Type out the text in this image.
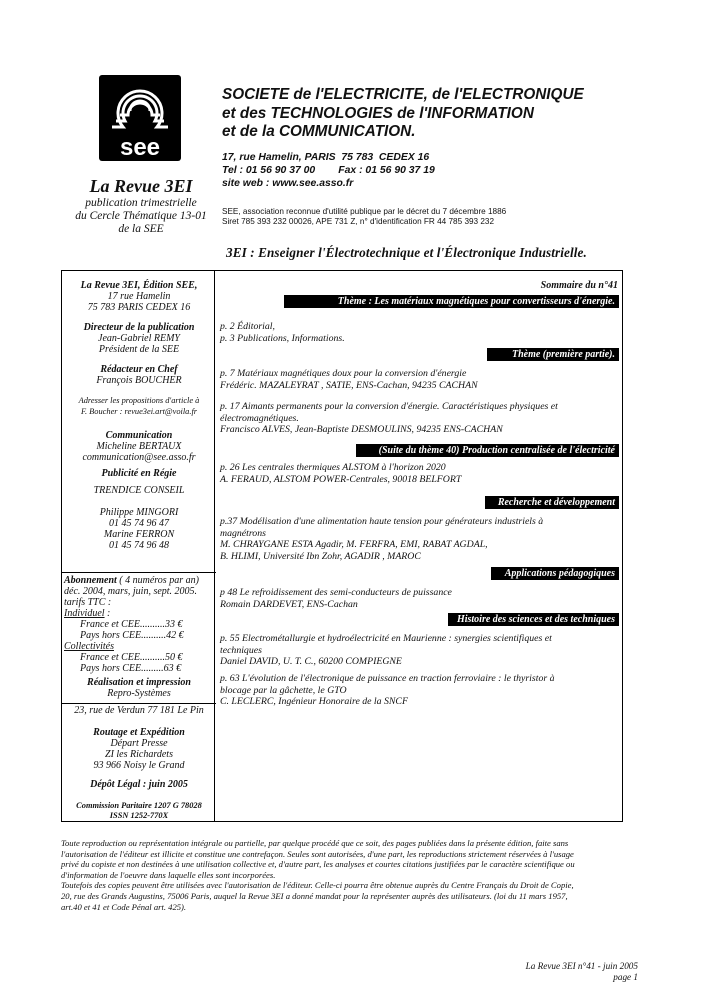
see
La Revue 3EI
publication trimestrielle
du Cercle Thématique 13-01
de la SEE
SOCIETE de l'ELECTRICITE, de l'ELECTRONIQUE
et des TECHNOLOGIES de l'INFORMATION
et de la COMMUNICATION.
17, rue Hamelin, PARIS  75 783  CEDEX 16
Tel : 01 56 90 37 00        Fax : 01 56 90 37 19
site web : www.see.asso.fr
SEE, association reconnue d'utilité publique par le décret du 7 décembre 1886
Siret 785 393 232 00026, APE 731 Z, n° d'identification FR 44 785 393 232
3EI : Enseigner l'Électrotechnique et l'Électronique Industrielle.
La Revue 3EI, Édition SEE,
17 rue Hamelin
75 783 PARIS CEDEX 16
Directeur de la publication
Jean-Gabriel REMY
Président de la SEE
Rédacteur en Chef
François BOUCHER
Adresser les propositions d'article à
F. Boucher : revue3ei.art@voila.fr
Communication
Micheline BERTAUX
communication@see.asso.fr
Publicité en Régie
TRENDICE CONSEIL
Philippe MINGORI
01 45 74 96 47
Marine FERRON
01 45 74 96 48
Abonnement ( 4 numéros par an)
déc. 2004, mars, juin, sept. 2005.
tarifs TTC :
Individuel :
France et CEE..........33 €
Pays hors CEE..........42 €
Collectivités
France et CEE..........50 €
Pays hors CEE.........63 €
Réalisation et impression
Repro-Systèmes
23, rue de Verdun 77 181 Le Pin
Routage et Expédition
Départ Presse
ZI les Richardets
93 966 Noisy le Grand
Dépôt Légal : juin 2005
Commission Paritaire 1207 G 78028
ISSN 1252-770X
Sommaire du n°41
Thème : Les matériaux magnétiques pour convertisseurs d'énergie.
p. 2 Éditorial,
p. 3 Publications, Informations.
Thème (première partie).
p. 7 Matériaux magnétiques doux pour la conversion d'énergie
Frédéric. MAZALEYRAT , SATIE, ENS-Cachan, 94235 CACHAN
p. 17 Aimants permanents pour la conversion d'énergie. Caractéristiques physiques et
électromagnétiques.
Francisco ALVES, Jean-Baptiste DESMOULINS, 94235 ENS-CACHAN
(Suite du thème 40) Production centralisée de l'électricité
p. 26 Les centrales thermiques ALSTOM à l'horizon 2020
A. FERAUD, ALSTOM POWER-Centrales, 90018 BELFORT
Recherche et développement
p.37 Modélisation d'une alimentation haute tension pour générateurs industriels à
magnétrons
M. CHRAYGANE ESTA Agadir, M. FERFRA, EMI, RABAT AGDAL,
B. HLIMI, Université Ibn Zohr, AGADIR , MAROC
Applications pédagogiques
p 48 Le refroidissement des semi-conducteurs de puissance
Romain DARDEVET, ENS-Cachan
Histoire des sciences et des techniques
p. 55 Electrométallurgie et hydroélectricité en Maurienne : synergies scientifiques et
techniques
Daniel DAVID, U. T. C., 60200 COMPIEGNE
p. 63 L'évolution de l'électronique de puissance en traction ferroviaire : le thyristor à
blocage par la gâchette, le GTO
C. LECLERC, Ingénieur Honoraire de la SNCF

Toute reproduction ou représentation intégrale ou partielle, par quelque procédé que ce soit, des pages publiées dans la présente édition, faite sans
l'autorisation de l'éditeur est illicite et constitue une contrefaçon. Seules sont autorisées, d'une part, les reproductions strictement réservées à l'usage
privé du copiste et non destinées à une utilisation collective et, d'autre part, les analyses et courtes citations justifiées par le caractère scientifique ou
d'information de l'oeuvre dans laquelle elles sont incorporées.

Toutefois des copies peuvent être utilisées avec l'autorisation de l'éditeur. Celle-ci pourra être obtenue auprès du Centre Français du Droit de Copie,
20, rue des Grands Augustins, 75006 Paris, auquel la Revue 3EI a donné mandat pour la représenter auprès des utilisateurs. (loi du 11 mars 1957,
art.40 et 41 et Code Pénal art. 425).

La Revue 3EI n°41 - juin 2005
page 1
